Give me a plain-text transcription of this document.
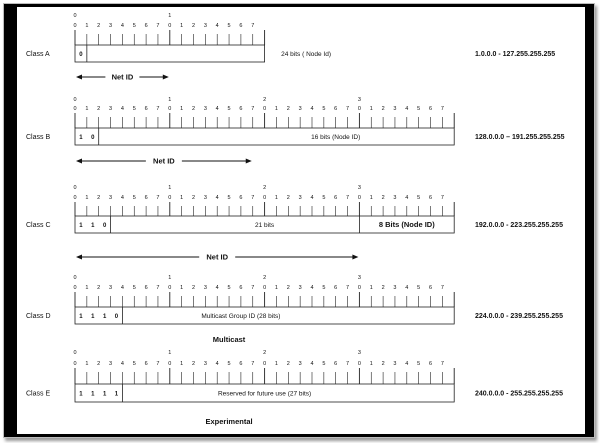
0	1
0 1 2 3 4 5 6 7 0 1 2 3 4 5 6 7
0	24 bits ( Node Id)
Class A	1.0.0.0 - 127.255.255.255
Net ID
0	1	2	3
0 1 2 3 4 5 6 7 0 1 2 3 4 5 6 7 0 1 2 3 4 5 6 7 0 1 2 3 4 5 6 7
1 0	16 bits (Node ID)
Class B	128.0.0.0 – 191.255.255.255
Net ID
0	1	2	3
0 1 2 3 4 5 6 7 0 1 2 3 4 5 6 7 0 1 2 3 4 5 6 7 0 1 2 3 4 5 6 7
1 1 0	21 bits	8 Bits (Node ID)
Class C	192.0.0.0 - 223.255.255.255
Net ID
0	1	2	3
0 1 2 3 4 5 6 7 0 1 2 3 4 5 6 7 0 1 2 3 4 5 6 7 0 1 2 3 4 5 6 7
1 1 1 0	Multicast Group ID (28 bits)
Class D	224.0.0.0 - 239.255.255.255
Multicast
0	1	2	3
0 1 2 3 4 5 6 7 0 1 2 3 4 5 6 7 0 1 2 3 4 5 6 7 0 1 2 3 4 5 6 7
1 1 1 1	Reserved for future use (27 bits)
Class E	240.0.0.0 - 255.255.255.255
Experimental
